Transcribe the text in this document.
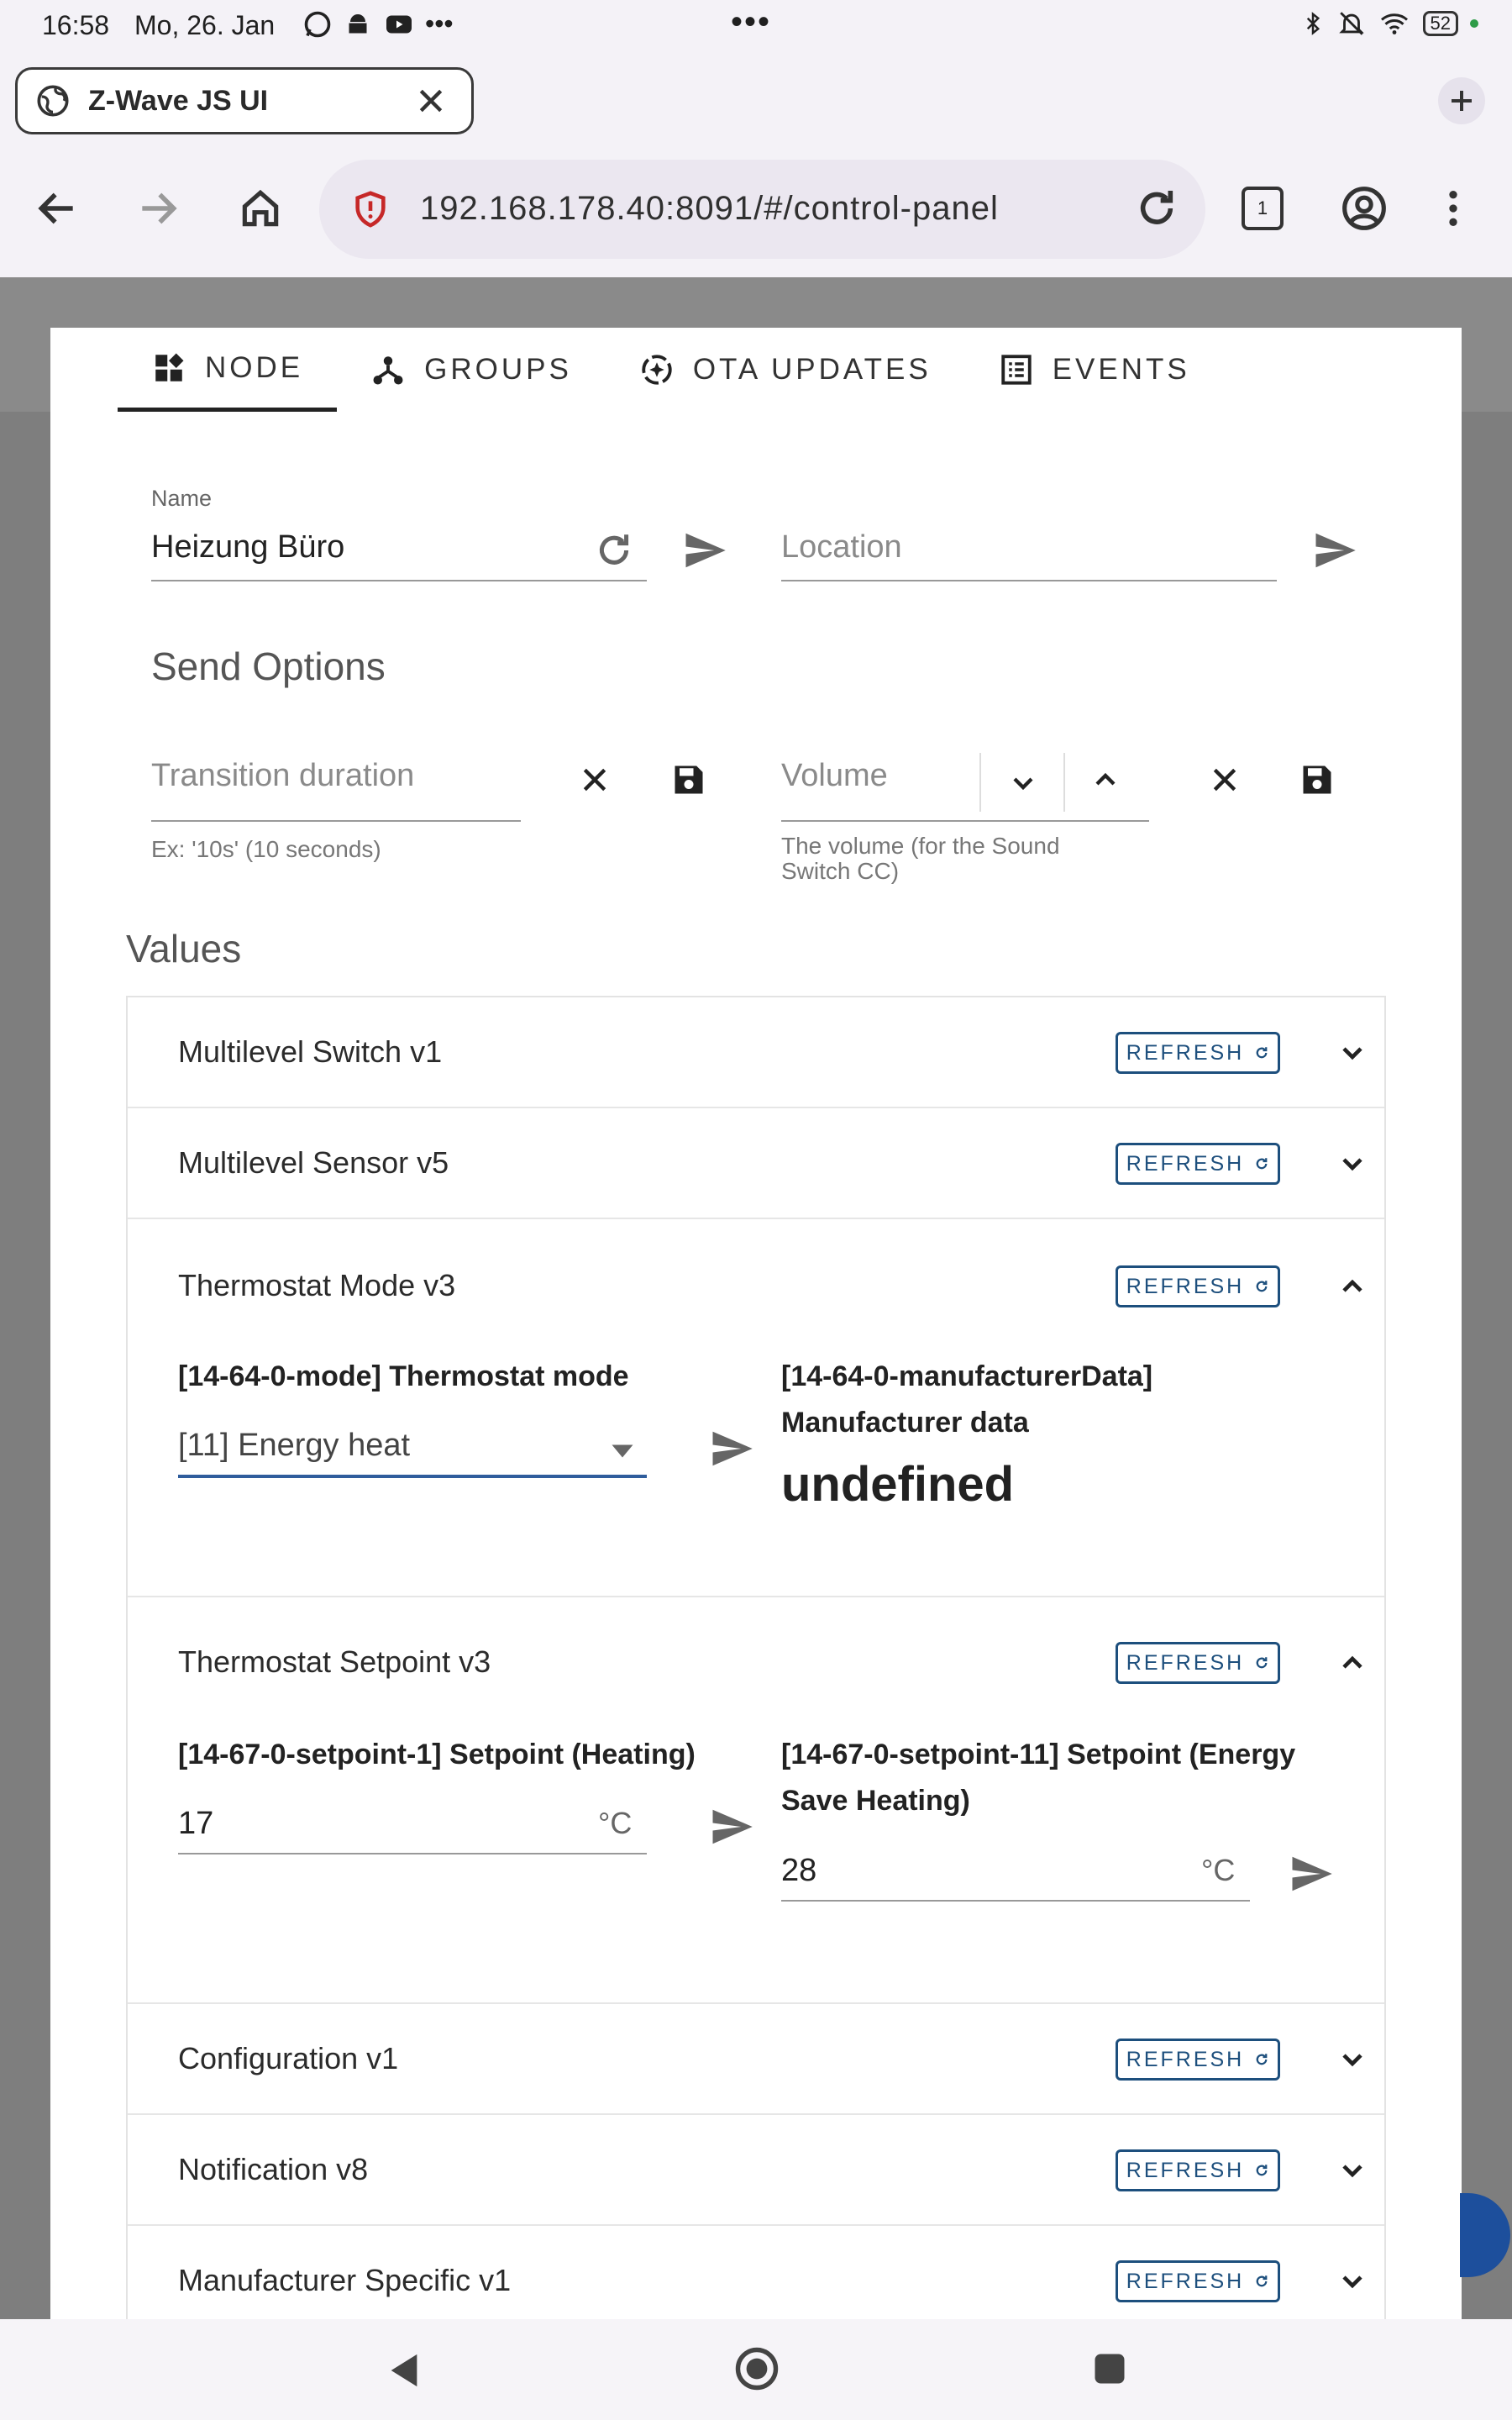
16:58 Mo, 26. Jan	•••	•••	52
Z-Wave JS UI
192.168.178.40:8091/#/control-panel	1
NODE	GROUPS	OTA UPDATES	EVENTS
Name
Heizung Büro	Location
Send Options
Transition duration
Ex: '10s' (10 seconds)
Volume
The volume (for the Sound Switch CC)
Values
Multilevel Switch v1	REFRESH
Multilevel Sensor v5	REFRESH
Thermostat Mode v3	REFRESH
[14-64-0-mode] Thermostat mode
[11] Energy heat
[14-64-0-manufacturerData]
Manufacturer data
undefined
Thermostat Setpoint v3	REFRESH
[14-67-0-setpoint-1] Setpoint (Heating)
17	°C
[14-67-0-setpoint-11] Setpoint (Energy
Save Heating)
28	°C
Configuration v1	REFRESH
Notification v8	REFRESH
Manufacturer Specific v1	REFRESH
